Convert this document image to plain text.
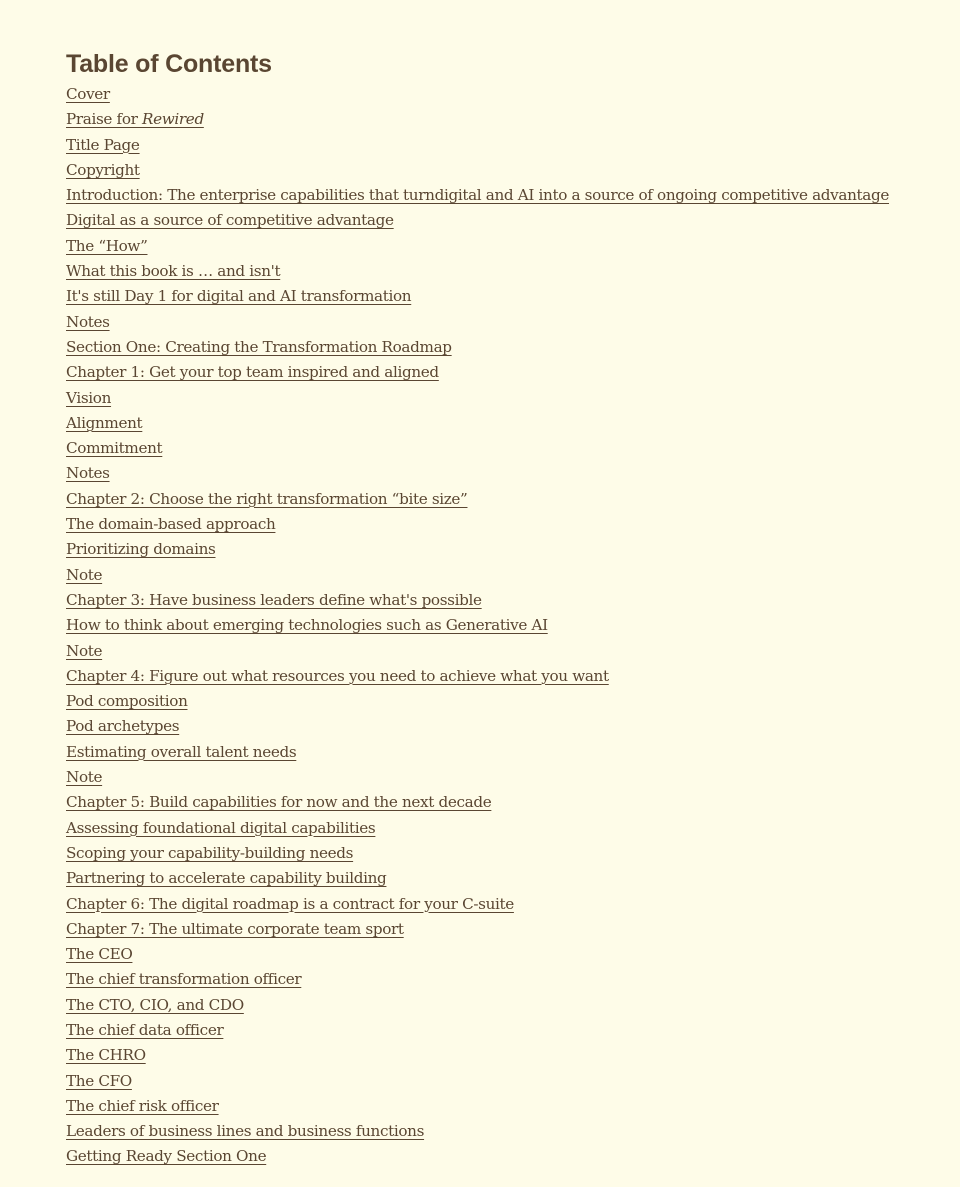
Table of Contents
Cover
Praise for Rewired
Title Page
Copyright
Introduction: The enterprise capabilities that turndigital and AI into a source of ongoing competitive advantage
Digital as a source of competitive advantage
The “How”
What this book is … and isn't
It's still Day 1 for digital and AI transformation
Notes
Section One: Creating the Transformation Roadmap
Chapter 1: Get your top team inspired and aligned
Vision
Alignment
Commitment
Notes
Chapter 2: Choose the right transformation “bite size”
The domain-based approach
Prioritizing domains
Note
Chapter 3: Have business leaders define what's possible
How to think about emerging technologies such as Generative AI
Note
Chapter 4: Figure out what resources you need to achieve what you want
Pod composition
Pod archetypes
Estimating overall talent needs
Note
Chapter 5: Build capabilities for now and the next decade
Assessing foundational digital capabilities
Scoping your capability-building needs
Partnering to accelerate capability building
Chapter 6: The digital roadmap is a contract for your C-suite
Chapter 7: The ultimate corporate team sport
The CEO
The chief transformation officer
The CTO, CIO, and CDO
The chief data officer
The CHRO
The CFO
The chief risk officer
Leaders of business lines and business functions
Getting Ready Section One
